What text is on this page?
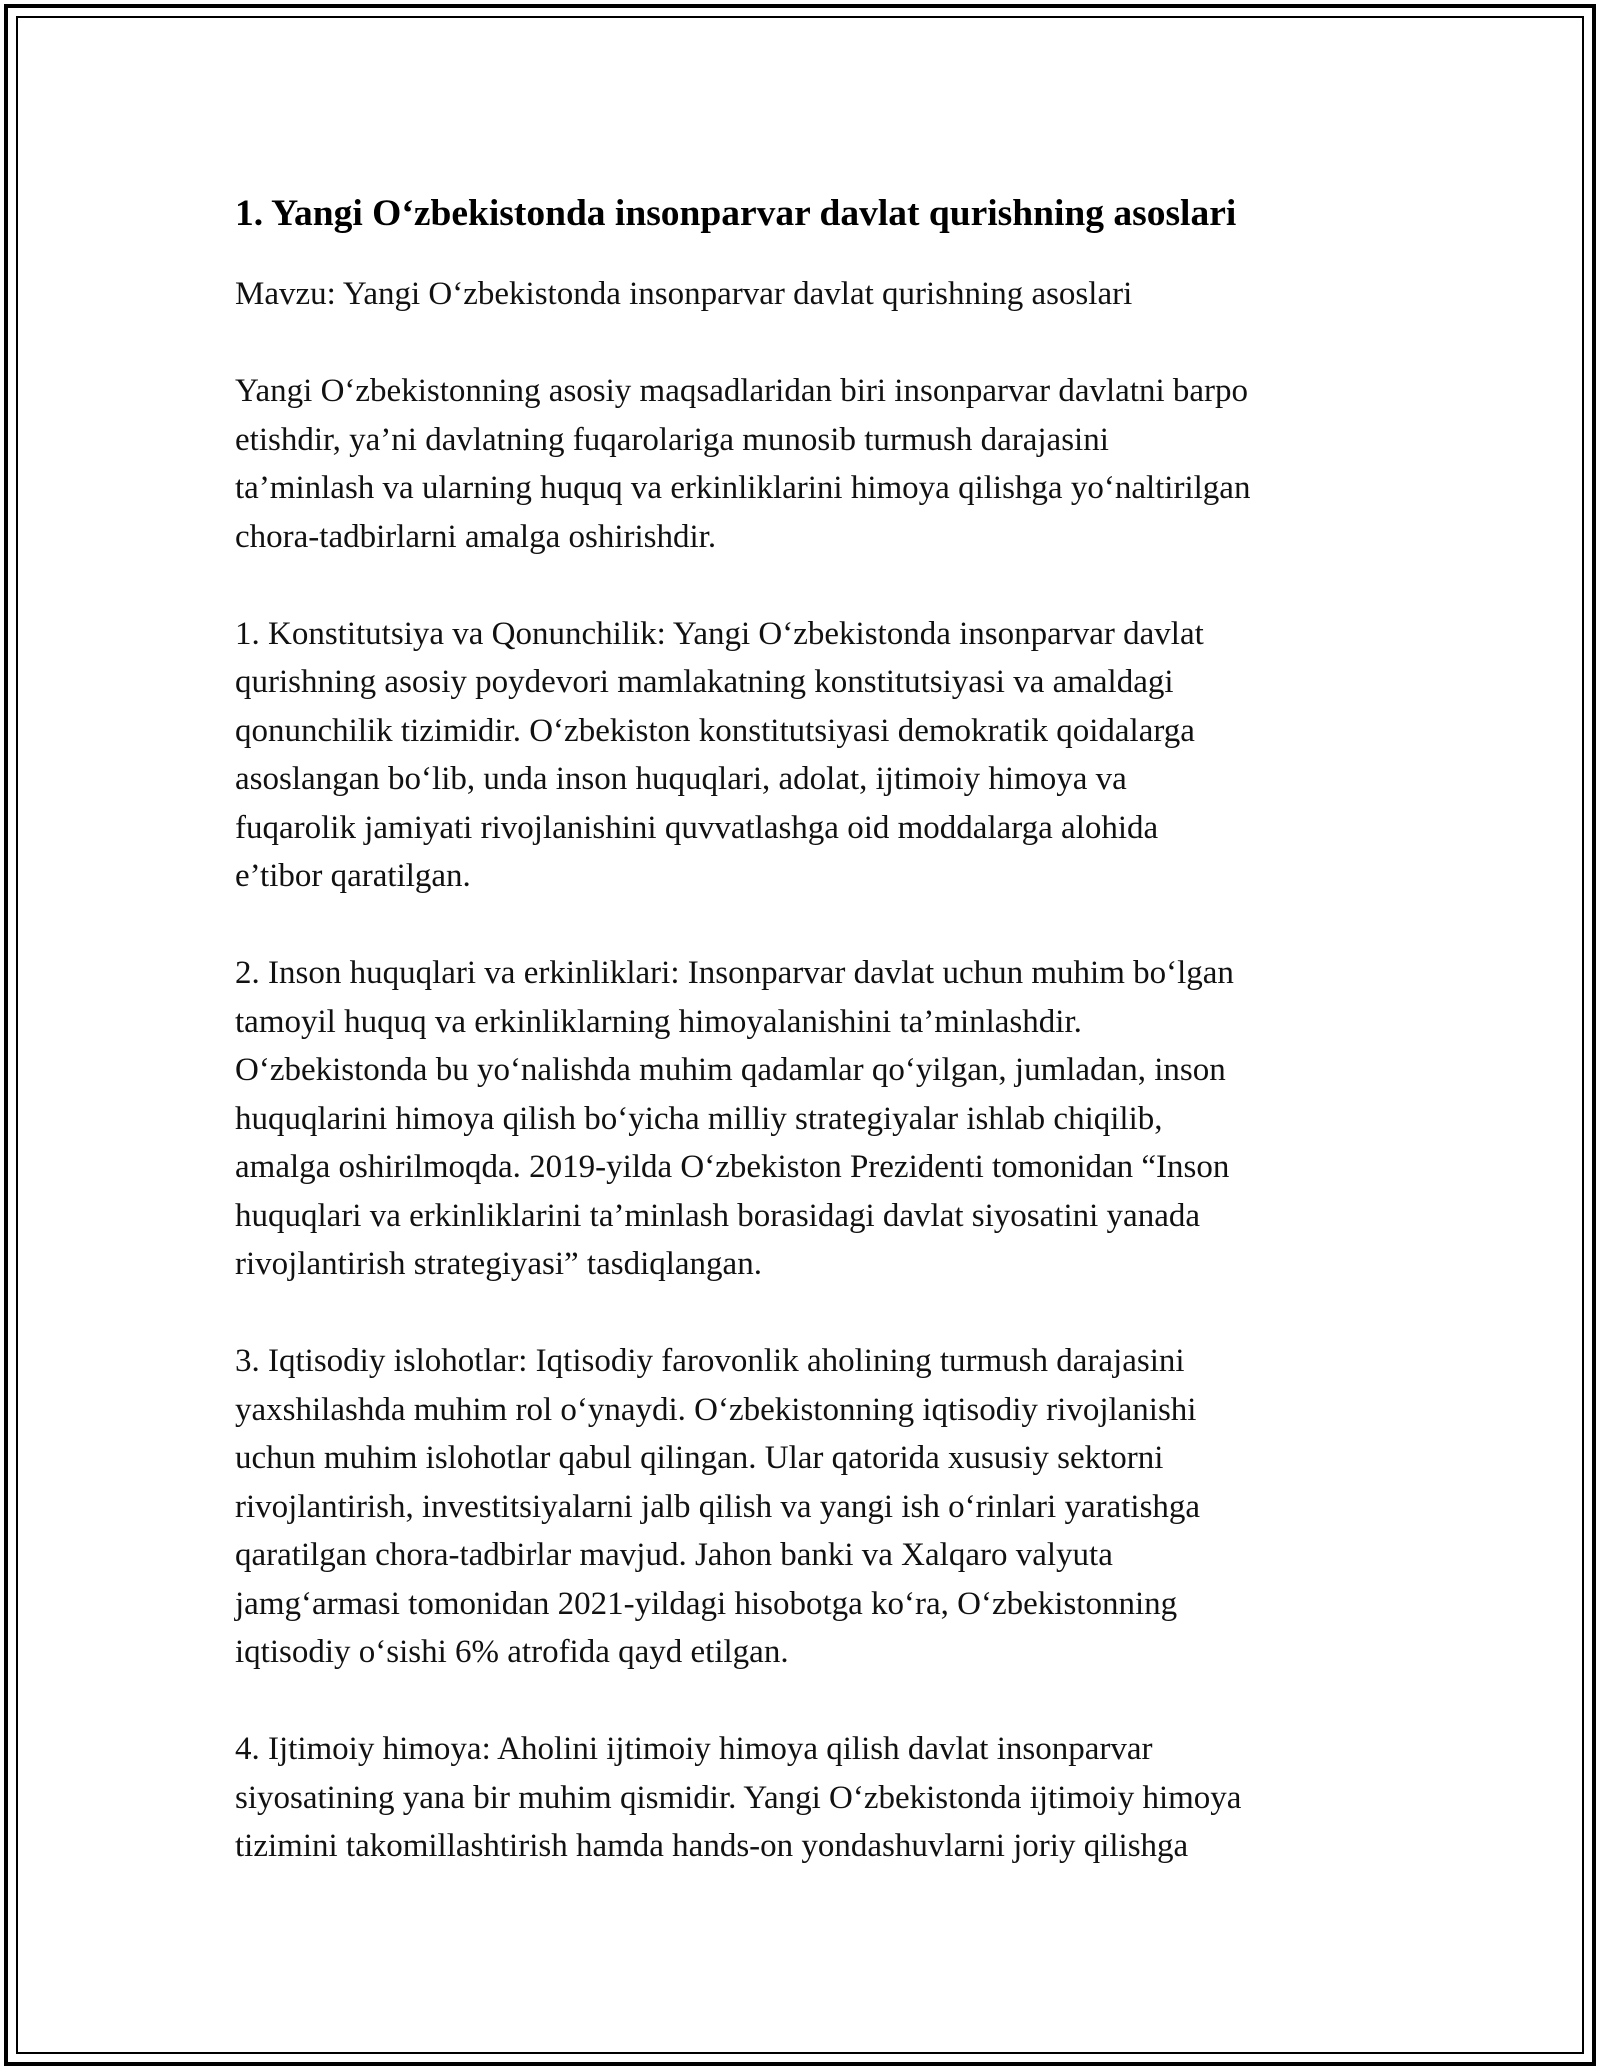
1. Yangi O‘zbekistonda insonparvar davlat qurishning asoslari

Mavzu: Yangi O‘zbekistonda insonparvar davlat qurishning asoslari

Yangi O‘zbekistonning asosiy maqsadlaridan biri insonparvar davlatni barpo
etishdir, ya’ni davlatning fuqarolariga munosib turmush darajasini
ta’minlash va ularning huquq va erkinliklarini himoya qilishga yo‘naltirilgan
chora-tadbirlarni amalga oshirishdir.

1. Konstitutsiya va Qonunchilik: Yangi O‘zbekistonda insonparvar davlat
qurishning asosiy poydevori mamlakatning konstitutsiyasi va amaldagi
qonunchilik tizimidir. O‘zbekiston konstitutsiyasi demokratik qoidalarga
asoslangan bo‘lib, unda inson huquqlari, adolat, ijtimoiy himoya va
fuqarolik jamiyati rivojlanishini quvvatlashga oid moddalarga alohida
e’tibor qaratilgan.

2. Inson huquqlari va erkinliklari: Insonparvar davlat uchun muhim bo‘lgan
tamoyil huquq va erkinliklarning himoyalanishini ta’minlashdir.
O‘zbekistonda bu yo‘nalishda muhim qadamlar qo‘yilgan, jumladan, inson
huquqlarini himoya qilish bo‘yicha milliy strategiyalar ishlab chiqilib,
amalga oshirilmoqda. 2019-yilda O‘zbekiston Prezidenti tomonidan “Inson
huquqlari va erkinliklarini ta’minlash borasidagi davlat siyosatini yanada
rivojlantirish strategiyasi” tasdiqlangan.

3. Iqtisodiy islohotlar: Iqtisodiy farovonlik aholining turmush darajasini
yaxshilashda muhim rol o‘ynaydi. O‘zbekistonning iqtisodiy rivojlanishi
uchun muhim islohotlar qabul qilingan. Ular qatorida xususiy sektorni
rivojlantirish, investitsiyalarni jalb qilish va yangi ish o‘rinlari yaratishga
qaratilgan chora-tadbirlar mavjud. Jahon banki va Xalqaro valyuta
jamg‘armasi tomonidan 2021-yildagi hisobotga ko‘ra, O‘zbekistonning
iqtisodiy o‘sishi 6% atrofida qayd etilgan.

4. Ijtimoiy himoya: Aholini ijtimoiy himoya qilish davlat insonparvar
siyosatining yana bir muhim qismidir. Yangi O‘zbekistonda ijtimoiy himoya
tizimini takomillashtirish hamda hands-on yondashuvlarni joriy qilishga
